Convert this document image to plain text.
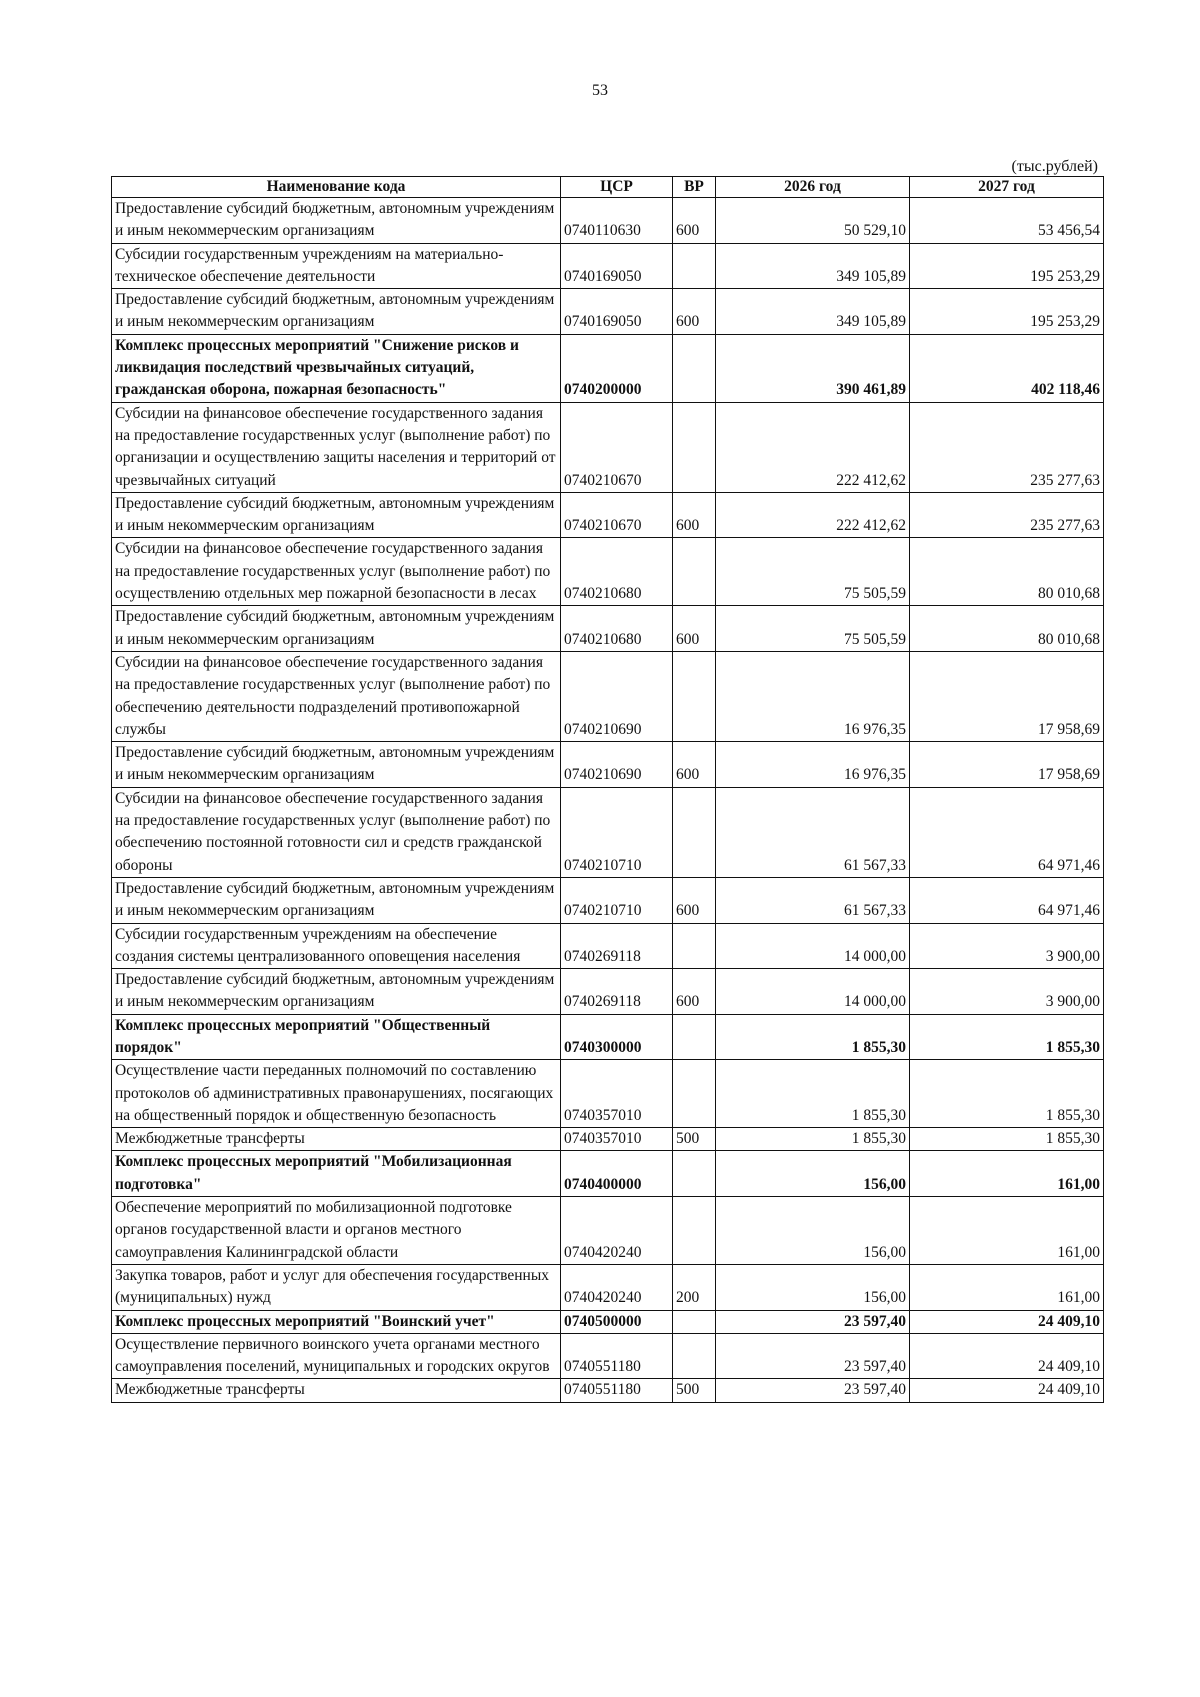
53
(тыс.рублей)
Наименование кода	ЦСР	ВР	2026 год	2027 год
Предоставление субсидий бюджетным, автономным учреждениям и иным некоммерческим организациям	0740110630	600	50 529,10	53 456,54
Субсидии государственным учреждениям на материально-техническое обеспечение деятельности	0740169050		349 105,89	195 253,29
Предоставление субсидий бюджетным, автономным учреждениям и иным некоммерческим организациям	0740169050	600	349 105,89	195 253,29
Комплекс процессных мероприятий "Снижение рисков и ликвидация последствий чрезвычайных ситуаций, гражданская оборона, пожарная безопасность"	0740200000		390 461,89	402 118,46
Субсидии на финансовое обеспечение государственного задания на предоставление государственных услуг (выполнение работ) по организации и осуществлению защиты населения и территорий от чрезвычайных ситуаций	0740210670		222 412,62	235 277,63
Предоставление субсидий бюджетным, автономным учреждениям и иным некоммерческим организациям	0740210670	600	222 412,62	235 277,63
Субсидии на финансовое обеспечение государственного задания на предоставление государственных услуг (выполнение работ) по осуществлению отдельных мер пожарной безопасности в лесах	0740210680		75 505,59	80 010,68
Предоставление субсидий бюджетным, автономным учреждениям и иным некоммерческим организациям	0740210680	600	75 505,59	80 010,68
Субсидии на финансовое обеспечение государственного задания на предоставление государственных услуг (выполнение работ) по обеспечению деятельности подразделений противопожарной службы	0740210690		16 976,35	17 958,69
Предоставление субсидий бюджетным, автономным учреждениям и иным некоммерческим организациям	0740210690	600	16 976,35	17 958,69
Субсидии на финансовое обеспечение государственного задания на предоставление государственных услуг (выполнение работ) по обеспечению постоянной готовности сил и средств гражданской обороны	0740210710		61 567,33	64 971,46
Предоставление субсидий бюджетным, автономным учреждениям и иным некоммерческим организациям	0740210710	600	61 567,33	64 971,46
Субсидии государственным учреждениям на обеспечение создания системы централизованного оповещения населения	0740269118		14 000,00	3 900,00
Предоставление субсидий бюджетным, автономным учреждениям и иным некоммерческим организациям	0740269118	600	14 000,00	3 900,00
Комплекс процессных мероприятий "Общественный порядок"	0740300000		1 855,30	1 855,30
Осуществление части переданных полномочий по составлению протоколов об административных правонарушениях, посягающих на общественный порядок и общественную безопасность	0740357010		1 855,30	1 855,30
Межбюджетные трансферты	0740357010	500	1 855,30	1 855,30
Комплекс процессных мероприятий "Мобилизационная подготовка"	0740400000		156,00	161,00
Обеспечение мероприятий по мобилизационной подготовке органов государственной власти и органов местного самоуправления Калининградской области	0740420240		156,00	161,00
Закупка товаров, работ и услуг для обеспечения государственных (муниципальных) нужд	0740420240	200	156,00	161,00
Комплекс процессных мероприятий "Воинский учет"	0740500000		23 597,40	24 409,10
Осуществление первичного воинского учета органами местного самоуправления поселений, муниципальных и городских округов	0740551180		23 597,40	24 409,10
Межбюджетные трансферты	0740551180	500	23 597,40	24 409,10
